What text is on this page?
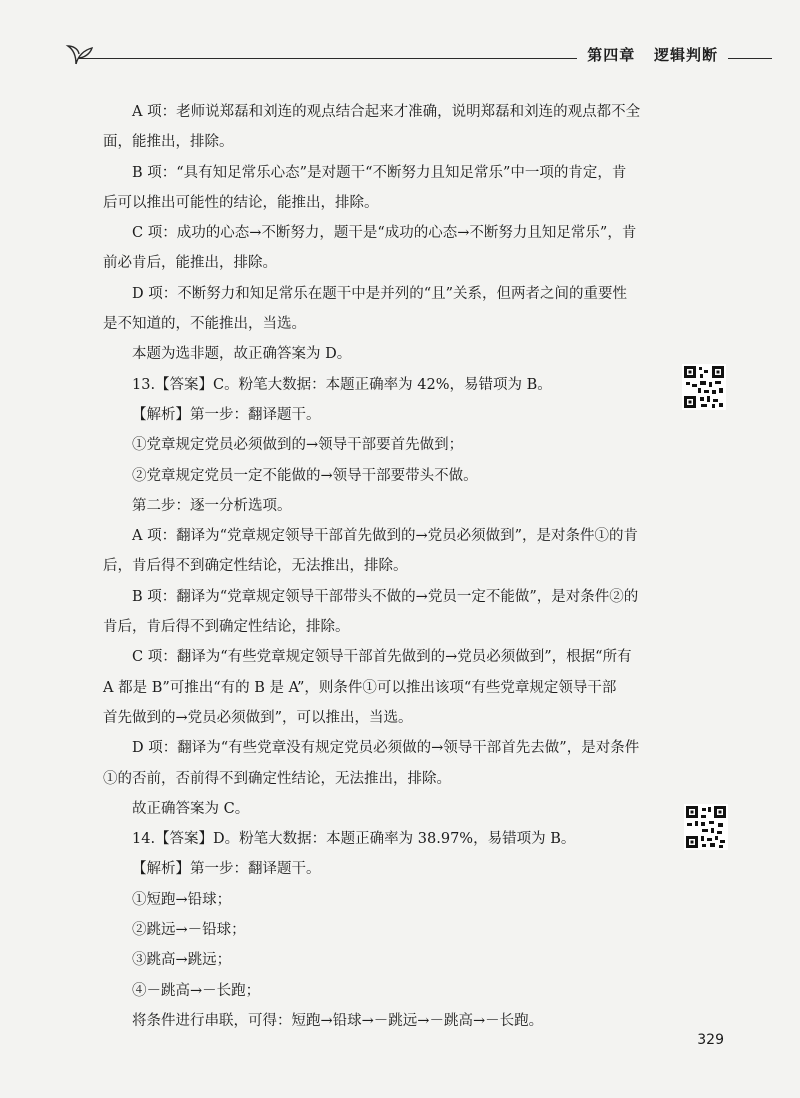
第四章 逻辑判断
A 项：老师说郑磊和刘连的观点结合起来才准确，说明郑磊和刘连的观点都不全
面，能推出，排除。
B 项：“具有知足常乐心态”是对题干“不断努力且知足常乐”中一项的肯定，肯
后可以推出可能性的结论，能推出，排除。
C 项：成功的心态→不断努力，题干是“成功的心态→不断努力且知足常乐”，肯
前必肯后，能推出，排除。
D 项：不断努力和知足常乐在题干中是并列的“且”关系，但两者之间的重要性
是不知道的，不能推出，当选。
本题为选非题，故正确答案为 D。
13.【答案】C。粉笔大数据：本题正确率为 42%，易错项为 B。
【解析】第一步：翻译题干。
①党章规定党员必须做到的→领导干部要首先做到；
②党章规定党员一定不能做的→领导干部要带头不做。
第二步：逐一分析选项。
A 项：翻译为“党章规定领导干部首先做到的→党员必须做到”，是对条件①的肯
后，肯后得不到确定性结论，无法推出，排除。
B 项：翻译为“党章规定领导干部带头不做的→党员一定不能做”，是对条件②的
肯后，肯后得不到确定性结论，排除。
C 项：翻译为“有些党章规定领导干部首先做到的→党员必须做到”，根据“所有
A 都是 B”可推出“有的 B 是 A”，则条件①可以推出该项“有些党章规定领导干部
首先做到的→党员必须做到”，可以推出，当选。
D 项：翻译为“有些党章没有规定党员必须做的→领导干部首先去做”，是对条件
①的否前，否前得不到确定性结论，无法推出，排除。
故正确答案为 C。
14.【答案】D。粉笔大数据：本题正确率为 38.97%，易错项为 B。
【解析】第一步：翻译题干。
①短跑→铅球；
②跳远→－铅球；
③跳高→跳远；
④－跳高→－长跑；
将条件进行串联，可得：短跑→铅球→－跳远→－跳高→－长跑。
329
